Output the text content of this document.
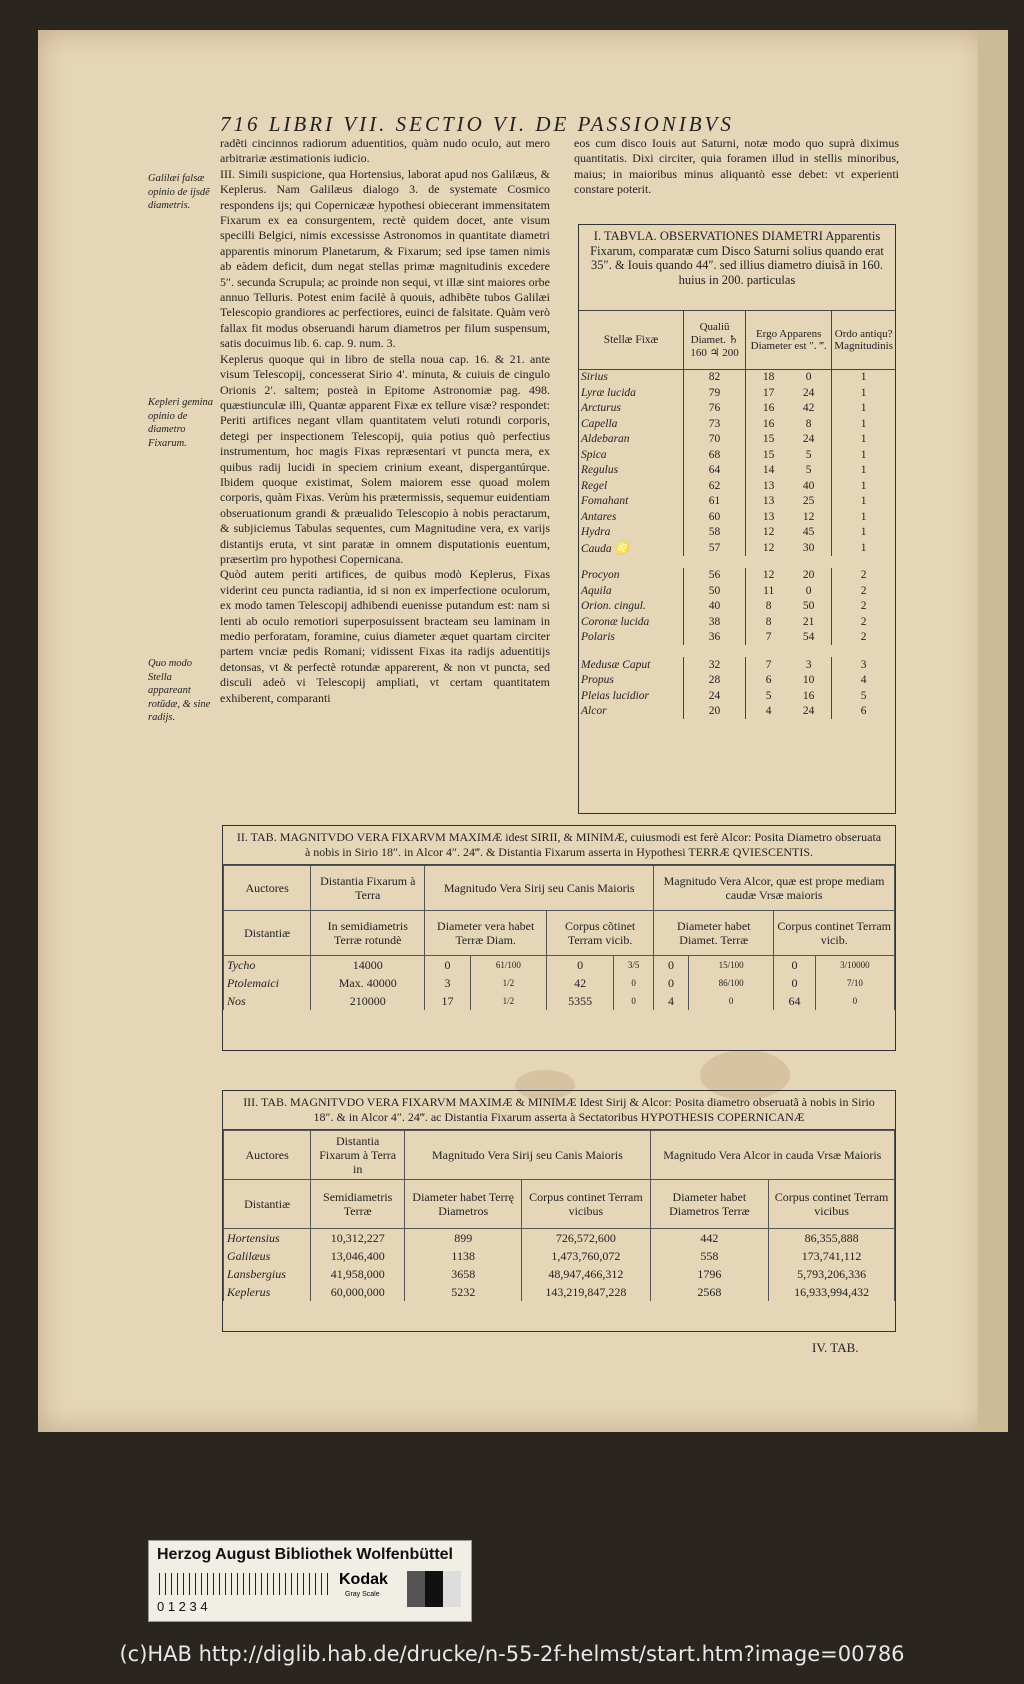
716 LIBRI VII. SECTIO VI. DE PASSIONIBVS

radẽti cincinnos radiorum aduentitios, quàm nudo oculo, aut mero arbitrariæ æstimationis iudicio.

III. Simili suspicione, qua Hortensius, laborat apud nos Galilæus, & Keplerus. Nam Galilæus dialogo 3. de systemate Cosmico respondens ijs; qui Copernicææ hypothesi obiecerant immensitatem Fixarum ex ea consurgentem, rectè quidem docet, ante visum specilli Belgici, nimis excessisse Astronomos in quantitate diametri apparentis minorum Planetarum, & Fixarum; sed ipse tamen nimis ab eàdem deficit, dum negat stellas primæ magnitudinis excedere 5″. secunda Scrupula; ac proinde non sequi, vt illæ sint maiores orbe annuo Telluris. Potest enim facilè à quouis, adhibẽte tubos Galilæi Telescopio grandiores ac perfectiores, euinci de falsitate. Quàm verò fallax fit modus obseruandi harum diametros per filum suspensum, satis docuimus lib. 6. cap. 9. num. 3.

Keplerus quoque qui in libro de stella noua cap. 16. & 21. ante visum Telescopij, concesserat Sirio 4′. minuta, & cuiuis de cingulo Orionis 2′. saltem; posteà in Epitome Astronomiæ pag. 498. quæstiunculæ illi, Quantæ apparent Fixæ ex tellure visæ? respondet: Periti artifices negant vllam quantitatem veluti rotundi corporis, detegi per inspectionem Telescopij, quia potius quò perfectius instrumentum, hoc magis Fixas repræsentari vt puncta mera, ex quibus radij lucidi in speciem crinium exeant, dispergantúrque. Ibidem quoque existimat, Solem maiorem esse quoad molem corporis, quàm Fixas. Verùm his prætermissis, sequemur euidentiam obseruationum grandi & præualido Telescopio à nobis peractarum, & subjiciemus Tabulas sequentes, cum Magnitudine vera, ex varijs distantijs eruta, vt sint paratæ in omnem disputationis euentum, præsertim pro hypothesi Copernicana.

Quòd autem periti artifices, de quibus modò Keplerus, Fixas viderint ceu puncta radiantia, id si non ex imperfectione oculorum, ex modo tamen Telescopij adhibendi euenisse putandum est: nam si lenti ab oculo remotiori superposuissent bracteam seu laminam in medio perforatam, foramine, cuius diameter æquet quartam circiter partem vnciæ pedis Romani; vidissent Fixas ita radijs aduentitijs detonsas, vt & perfectè rotundæ apparerent, & non vt puncta, sed disculi adeò vi Telescopij ampliati, vt certam quantitatem exhiberent, comparanti

eos cum disco Iouis aut Saturni, notæ modo quo suprà diximus quantitatis. Dixi circiter, quia foramen illud in stellis minoribus, maius; in maioribus minus aliquantò esse debet: vt experienti constare poterit.
Galilæi falsæ opinio de ijsdẽ diametris.
Kepleri gemina opinio de diametro Fixarum.
Quo modo Stella appareant rotũdæ, & sine radijs.
I. TABVLA. OBSERVATIONES DIAMETRI Apparentis Fixarum, comparatæ cum Disco Saturni solius quando erat 35″. & Iouis quando 44″. sed illius diametro diuisã in 160. huius in 200. particulas
Stellæ Fixæ	Qualiũ Diamet. ♄ 160 ♃ 200	Ergo Apparens Diameter est ″. ‴.	Ordo antiqu? Magnitudinis
Sirius	82	18 0	1
Lyræ lucida	79	17 24	1
Arcturus	76	16 42	1
Capella	73	16 8	1
Aldebaran	70	15 24	1
Spica	68	15 5	1
Regulus	64	14 5	1
Regel	62	13 40	1
Fomahant	61	13 25	1
Antares	60	13 12	1
Hydra	58	12 45	1
Cauda ♌	57	12 30	1

Procyon	56	12 20	2
Aquila	50	11 0	2
Orion. cingul.	40	8 50	2
Coronæ lucida	38	8 21	2
Polaris	36	7 54	2

Medusæ Caput	32	7 3	3
Propus	28	6 10	4
Pleias lucidior	24	5 16	5
Alcor	20	4 24	6
II. TAB. MAGNITVDO VERA FIXARVM MAXIMÆ idest SIRII, & MINIMÆ, cuiusmodi est ferè Alcor: Posita Diametro obseruata à nobis in Sirio 18″. in Alcor 4″. 24‴. & Distantia Fixarum asserta in Hypothesi TERRÆ QVIESCENTIS.
Auctores	Distantia Fixarum à Terra	Magnitudo Vera Sirij seu Canis Maioris				Magnitudo Vera Alcor, quæ est prope mediam caudæ Vrsæ maioris			
Distantiæ	In semidiametris Terræ rotundè	Diameter vera habet Terræ Diam.		Corpus cõtinet Terram vicib.		Diameter habet Diamet. Terræ		Corpus continet Terram vicib.	
Tycho	14000	0	61/100	0	3/5	0	15/100	0	3/10000
Ptolemaici	Max. 40000	3	1/2	42	0	0	86/100	0	7/10
Nos	210000	17	1/2	5355	0	4	0	64	0
III. TAB. MAGNITVDO VERA FIXARVM MAXIMÆ & MINIMÆ Idest Sirij & Alcor: Posita diametro obseruatã à nobis in Sirio 18″. & in Alcor 4″. 24‴. ac Distantia Fixarum asserta à Sectatoribus HYPOTHESIS COPERNICANÆ
Auctores	Distantia Fixarum à Terra in	Magnitudo Vera Sirij seu Canis Maioris		Magnitudo Vera Alcor in cauda Vrsæ Maioris	
Distantiæ	Semidiametris Terræ	Diameter habet Terrę Diametros	Corpus continet Terram vicibus	Diameter habet Diametros Terræ	Corpus continet Terram vicibus
Hortensius	10,312,227	899	726,572,600	442	86,355,888
Galilæus	13,046,400	1138	1,473,760,072	558	173,741,112
Lansbergius	41,958,000	3658	48,947,466,312	1796	5,793,206,336
Keplerus	60,000,000	5232	143,219,847,228	2568	16,933,994,432
IV. TAB.
Herzog August Bibliothek Wolfenbüttel
0 1 2 3 4
Kodak
Gray Scale
(c)HAB http://diglib.hab.de/drucke/n-55-2f-helmst/start.htm?image=00786
